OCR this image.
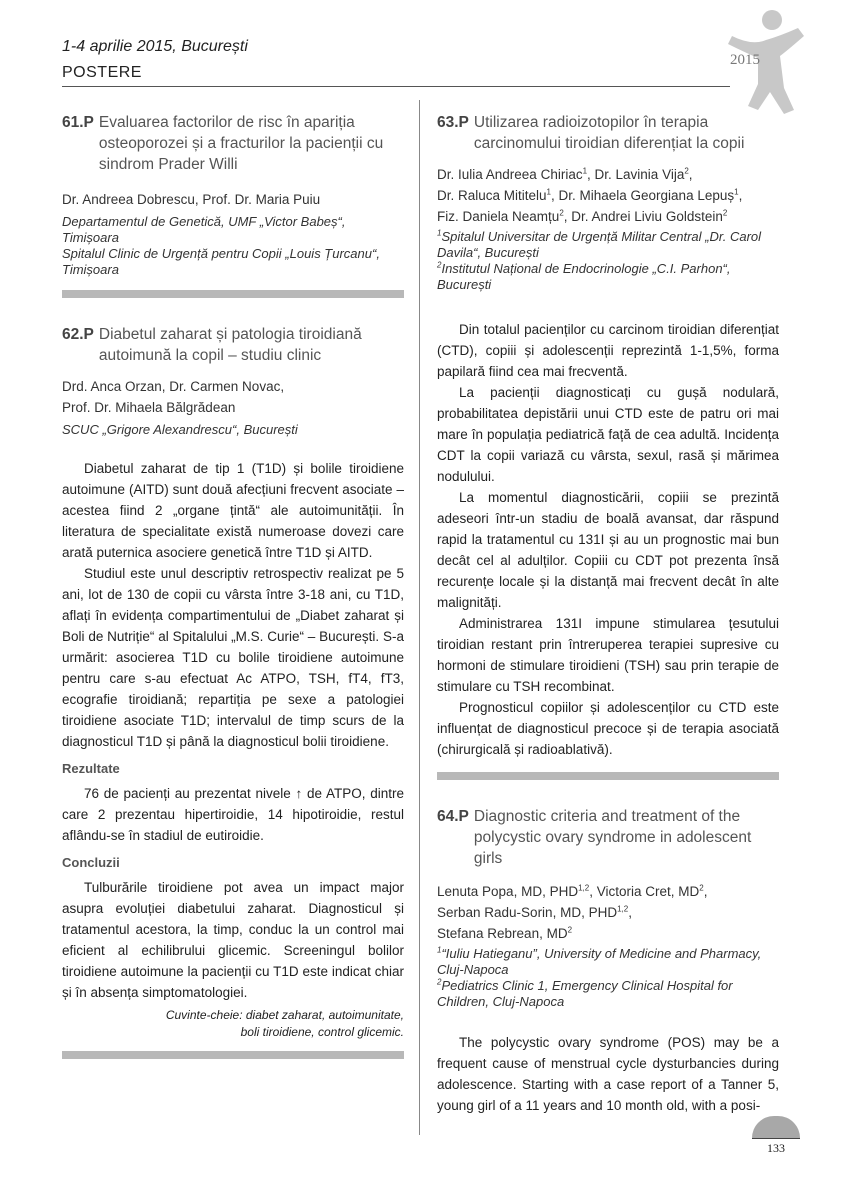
1-4 aprilie 2015, București
POSTERE
2015
61.P Evaluarea factorilor de risc în apariția osteoporozei și a fracturilor la pacienții cu sindrom Prader Willi
Dr. Andreea Dobrescu, Prof. Dr. Maria Puiu
Departamentul de Genetică, UMF „Victor Babeș“, Timișoara
Spitalul Clinic de Urgență pentru Copii „Louis Țurcanu“, Timișoara
62.P Diabetul zaharat și patologia tiroidiană autoimună la copil – studiu clinic
Drd. Anca Orzan, Dr. Carmen Novac,
Prof. Dr. Mihaela Bălgrădean
SCUC „Grigore Alexandrescu“, București

Diabetul zaharat de tip 1 (T1D) și bolile tiroidiene autoimune (AITD) sunt două afecțiuni frecvent asociate – acestea fiind 2 „organe țintă“ ale autoimunității. În literatura de specialitate există numeroase dovezi care arată puternica asociere genetică între T1D și AITD.

Studiul este unul descriptiv retrospectiv realizat pe 5 ani, lot de 130 de copii cu vârsta între 3-18 ani, cu T1D, aflați în evidența compartimentului de „Diabet zaharat și Boli de Nutriție“ al Spitalului „M.S. Curie“ – București. S-a urmărit: asocierea T1D cu bolile tiroidiene autoimune pentru care s-au efectuat Ac ATPO, TSH, fT4, fT3, ecografie tiroidiană; repartiția pe sexe a patologiei tiroidiene asociate T1D; intervalul de timp scurs de la diagnosticul T1D și până la diagnosticul bolii tiroidiene.

Rezultate

76 de pacienți au prezentat nivele ↑ de ATPO, dintre care 2 prezentau hipertiroidie, 14 hipotiroidie, restul aflându-se în stadiul de eutiroidie.

Concluzii

Tulburările tiroidiene pot avea un impact major asupra evoluției diabetului zaharat. Diagnosticul și tratamentul acestora, la timp, conduc la un control mai eficient al echilibrului glicemic. Screeningul bolilor tiroidiene autoimune la pacienții cu T1D este indicat chiar și în absența simptomatologiei.

Cuvinte-cheie: diabet zaharat, autoimunitate,
boli tiroidiene, control glicemic.
63.P Utilizarea radioizotopilor în terapia carcinomului tiroidian diferențiat la copii
Dr. Iulia Andreea Chiriac$^1$, Dr. Lavinia Vija$^2$,
Dr. Raluca Mititelu$^1$, Dr. Mihaela Georgiana Lepuș$^1$,
Fiz. Daniela Neamțu$^2$, Dr. Andrei Liviu Goldstein$^2$
$^1$Spitalul Universitar de Urgență Militar Central „Dr. Carol Davila“, București
$^2$Institutul Național de Endocrinologie „C.I. Parhon“, București

Din totalul pacienților cu carcinom tiroidian diferențiat (CTD), copiii și adolescenții reprezintă 1-1,5%, forma papilară fiind cea mai frecventă.

La pacienții diagnosticați cu gușă nodulară, probabilitatea depistării unui CTD este de patru ori mai mare în populația pediatrică față de cea adultă. Incidența CDT la copii variază cu vârsta, sexul, rasă și mărimea nodulului.

La momentul diagnosticării, copiii se prezintă adeseori într-un stadiu de boală avansat, dar răspund rapid la tratamentul cu 131I și au un prognostic mai bun decât cel al adulților. Copiii cu CDT pot prezenta însă recurențe locale și la distanță mai frecvent decât în alte malignități.

Administrarea 131I impune stimularea țesutului tiroidian restant prin întreruperea terapiei supresive cu hormoni de stimulare tiroidieni (TSH) sau prin terapie de stimulare cu TSH recombinat.

Prognosticul copiilor și adolescenților cu CTD este influențat de diagnosticul precoce și de terapia asociată (chirurgicală și radioablativă).

64.P Diagnostic criteria and treatment of the polycystic ovary syndrome in adolescent girls
Lenuta Popa, MD, PHD$^{1,2}$, Victoria Cret, $MD^2$,
Serban Radu-Sorin, MD, PHD$^{1,2}$,
Stefana Rebrean, $MD^2$
$^1$“Iuliu Hatieganu”, University of Medicine and Pharmacy, Cluj-Napoca
$^2$Pediatrics Clinic 1, Emergency Clinical Hospital for Children, Cluj-Napoca

The polycystic ovary syndrome (POS) may be a frequent cause of menstrual cycle dysturbancies during adolescence. Starting with a case report of a Tanner 5, young girl of a 11 years and 10 month old, with a posi-

133
